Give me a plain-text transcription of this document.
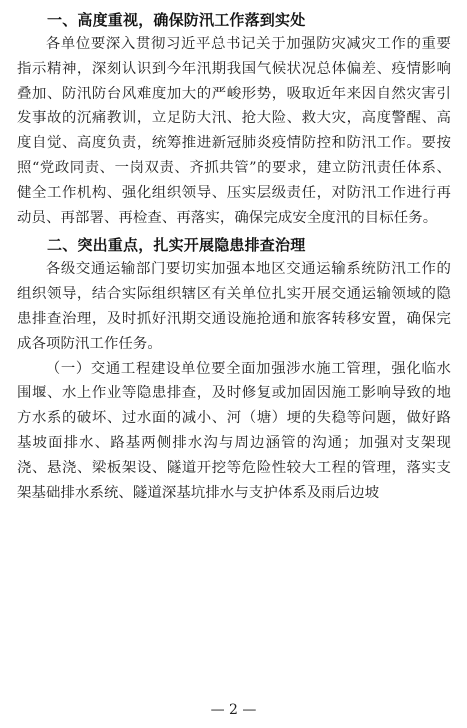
一、高度重视，确保防汛工作落到实处

各单位要深入贯彻习近平总书记关于加强防灾减灾工作的重要指示精神，深刻认识到今年汛期我国气候状况总体偏差、疫情影响叠加、防汛防台风难度加大的严峻形势，吸取近年来因自然灾害引发事故的沉痛教训，立足防大汛、抢大险、救大灾，高度警醒、高度自觉、高度负责，统筹推进新冠肺炎疫情防控和防汛工作。要按照“党政同责、一岗双责、齐抓共管”的要求，建立防汛责任体系、健全工作机构、强化组织领导、压实层级责任，对防汛工作进行再动员、再部署、再检查、再落实，确保完成安全度汛的目标任务。

二、突出重点，扎实开展隐患排查治理

各级交通运输部门要切实加强本地区交通运输系统防汛工作的组织领导，结合实际组织辖区有关单位扎实开展交通运输领域的隐患排查治理，及时抓好汛期交通设施抢通和旅客转移安置，确保完成各项防汛工作任务。

（一）交通工程建设单位要全面加强涉水施工管理，强化临水围堰、水上作业等隐患排查，及时修复或加固因施工影响导致的地方水系的破坏、过水面的减小、河（塘）埂的失稳等问题，做好路基坡面排水、路基两侧排水沟与周边涵管的沟通；加强对支架现浇、悬浇、梁板架设、隧道开挖等危险性较大工程的管理，落实支架基础排水系统、隧道深基坑排水与支护体系及雨后边坡

— 2 —
